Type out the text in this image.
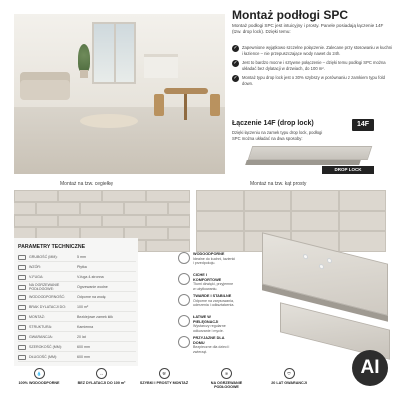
Montaż podłogi SPC
Montaż podłogi SPC jest intuicyjny i prosty. Panele posiadają łączenie 14F (tzw. drop lock). Dzięki temu:
✓	Zapewnione wyjątkowo szczelne połączenie. Zalecane przy stosowaniu w kuchni i łazience – nie przepuszczające wody nawet do 24h.
✓	Jest to bardzo mocne i sztywne połączenie – dzięki temu podłogi SPC można układać bez dylatacji w drzwiach, do 100 m².
✓	Montaż typu drop lock jest o 30% szybszy w porównaniu z zamkiem typu fold down.
Łączenie 14F (drop lock)
Dzięki łączeniu na zamek typu drop lock, podłogi SPC można układać na dwa sposoby:
14F
DROP LOCK
Montaż na tzw. cegiełkę	Montaż na tzw. kąt prosty
PARAMETRY TECHNICZNE
GRUBOŚĆ (MM):	5 mm
WZÓR:	Płytka
V-FUGA:	V-fuga 4-stronna
NA OGRZEWANIE PODŁOGOWE:	Ogrzewanie wodne
WODOODPORNOŚĆ:	Odporne na wodę
BRAK DYLATACJI DO:	100 m²
MONTAŻ:	Bezklejowe zamek klik
STRUKTURA:	Kamienna
GWARANCJA:	20 lat
SZEROKOŚĆ (MM):	600 mm
DŁUGOŚĆ (MM):	600 mm
WODOODPORNE
Idealne do kuchni, łazienki i przedpokoju.
CICHE I KOMFORTOWE
Tłumi dźwięki, przyjemne w użytkowaniu.
TWARDE I STABILNE
Odporne na zarysowania, uderzenia i odkształcenia.
ŁATWE W PIELĘGNACJI
Wystarczy regularne odkurzanie i mycie.
PRZYJAZNE DLA DOMU
Bezpieczne dla dzieci i zwierząt.
💧
100% WODOODPORNE
↔
BEZ DYLATACJI DO 100 m²
⚒
SZYBKI I PROSTY MONTAŻ
≋
NA OGRZEWANIE PODŁOGOWE
⛉
20 LAT GWARANCJI
AI
